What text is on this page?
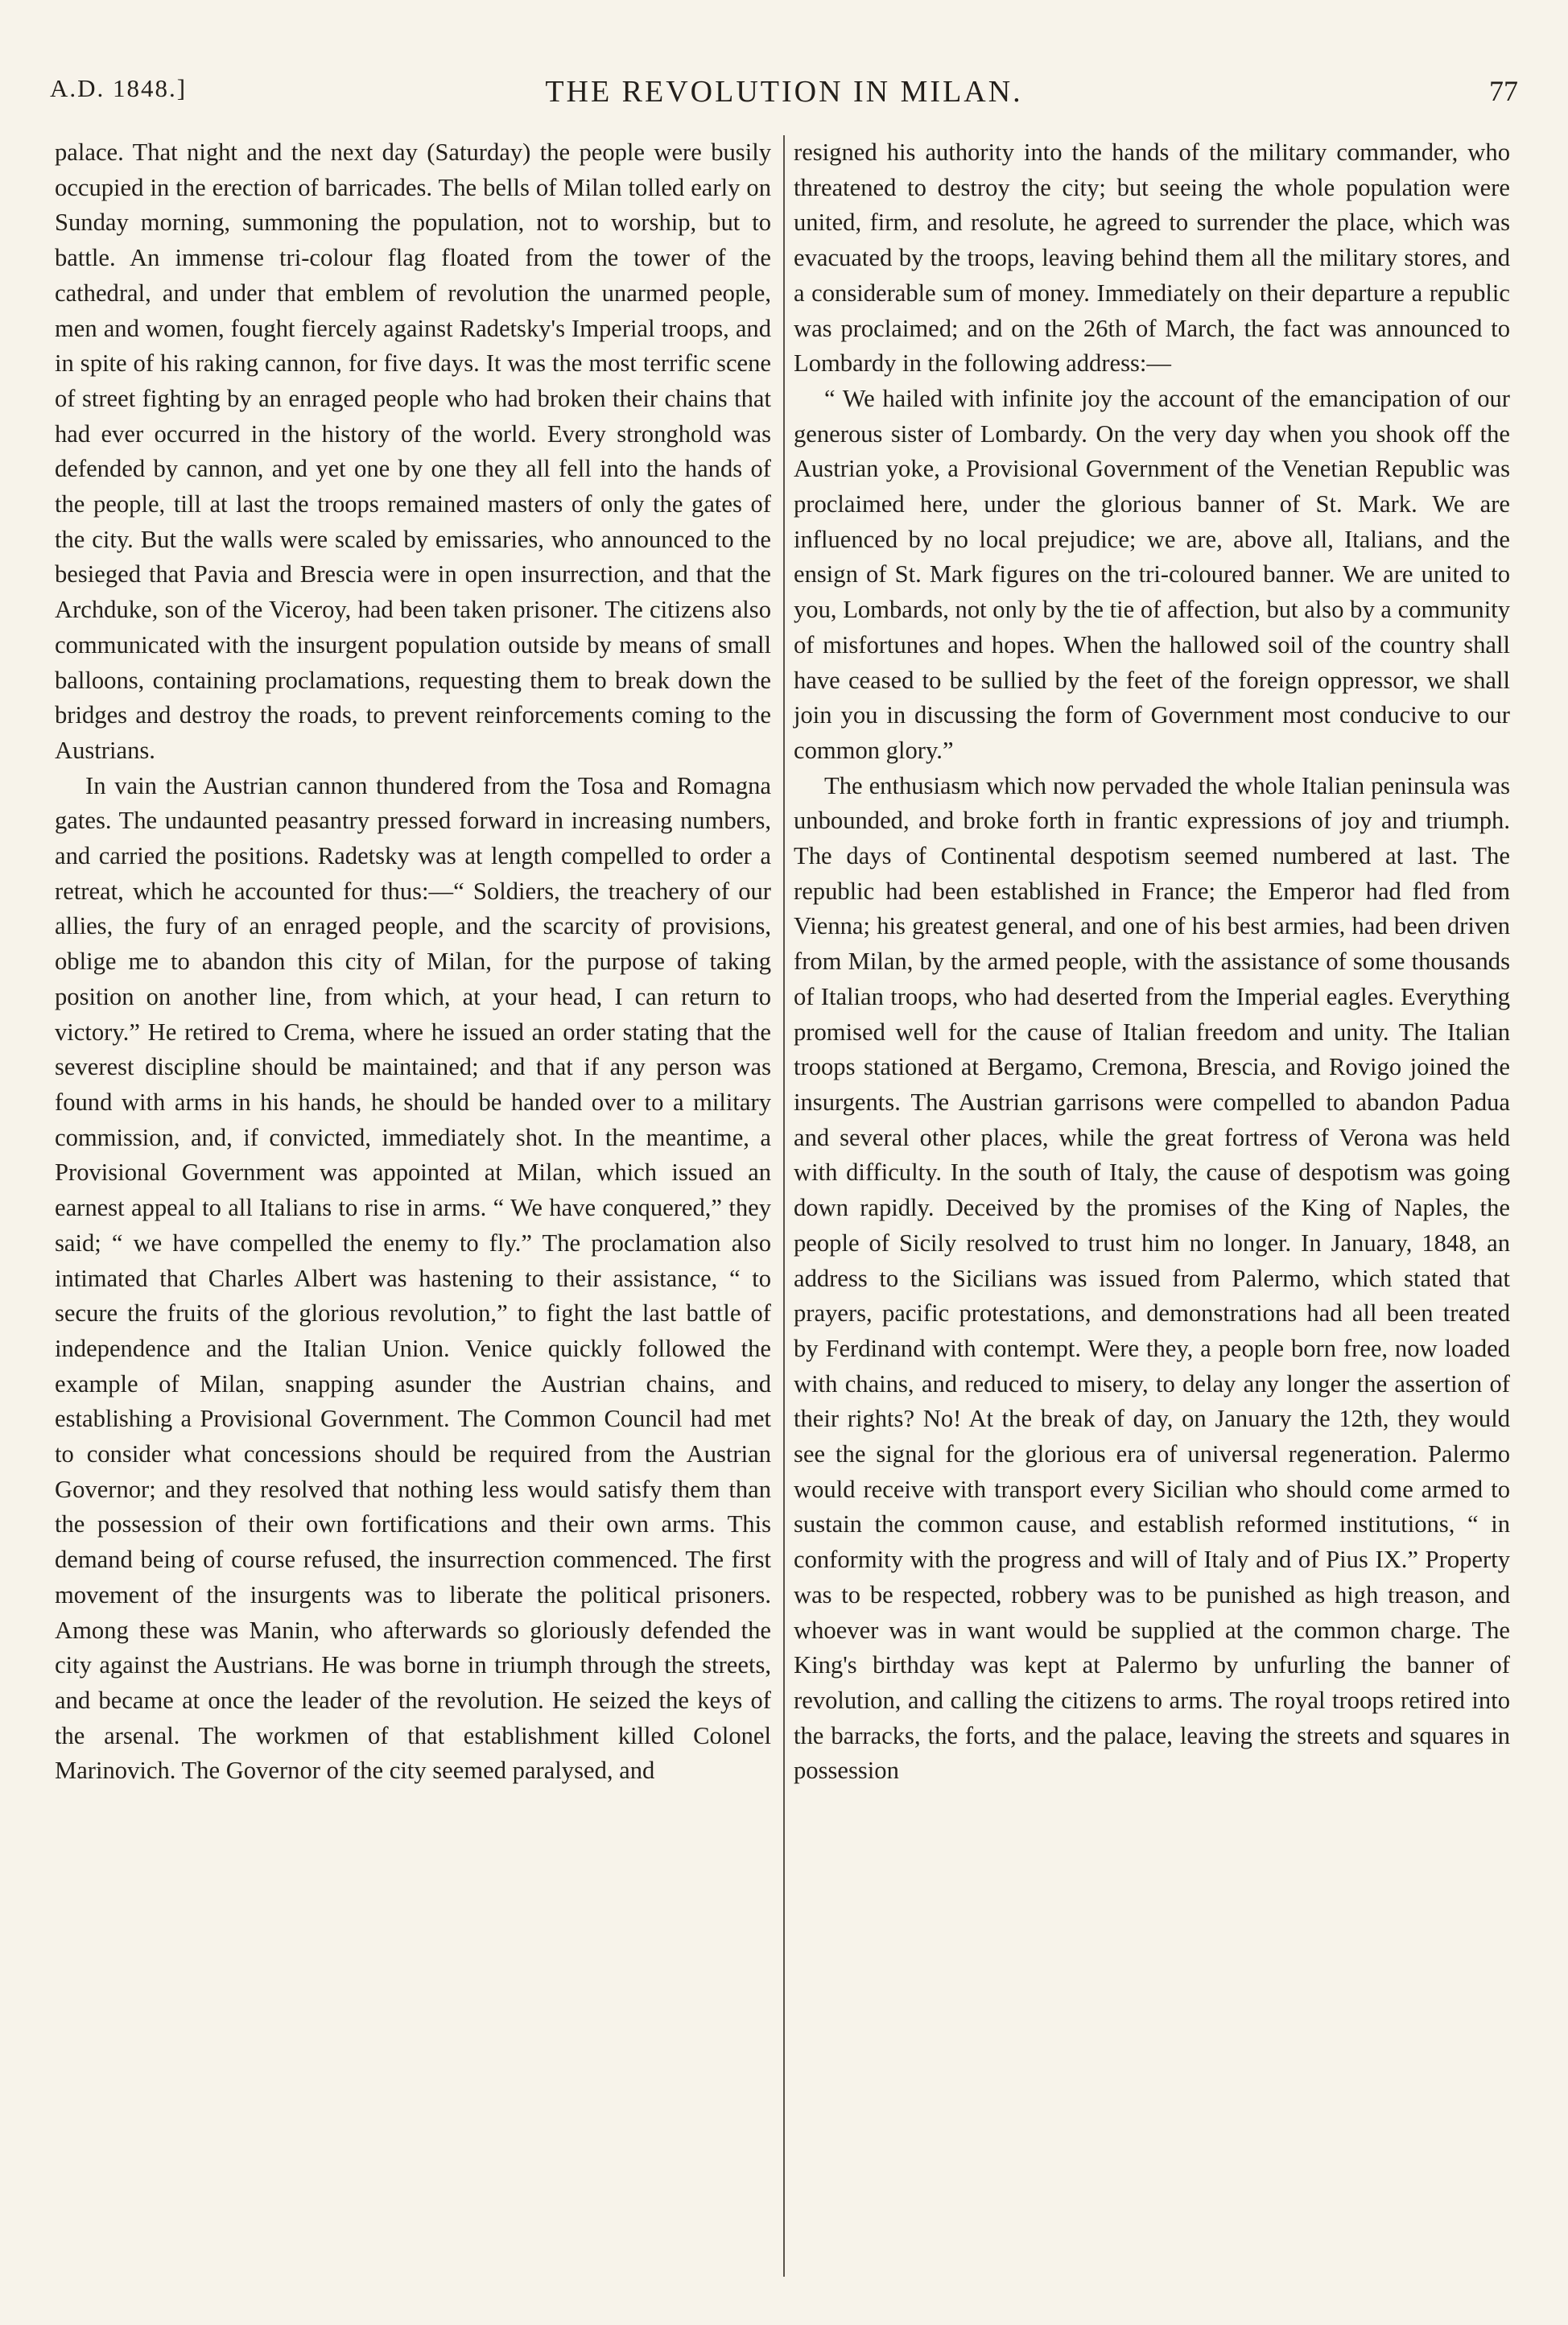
A.D. 1848.]	THE REVOLUTION IN MILAN.	77

palace. That night and the next day (Saturday) the people were busily occupied in the erection of barricades. The bells of Milan tolled early on Sunday morning, summoning the population, not to worship, but to battle. An immense tri-colour flag floated from the tower of the cathedral, and under that emblem of revolution the unarmed people, men and women, fought fiercely against Radetsky's Imperial troops, and in spite of his raking cannon, for five days. It was the most terrific scene of street fighting by an enraged people who had broken their chains that had ever occurred in the history of the world. Every stronghold was defended by cannon, and yet one by one they all fell into the hands of the people, till at last the troops remained masters of only the gates of the city. But the walls were scaled by emissaries, who announced to the besieged that Pavia and Brescia were in open insurrection, and that the Archduke, son of the Viceroy, had been taken prisoner. The citizens also communicated with the insurgent population outside by means of small balloons, containing proclamations, requesting them to break down the bridges and destroy the roads, to prevent reinforcements coming to the Austrians.

In vain the Austrian cannon thundered from the Tosa and Romagna gates. The undaunted peasantry pressed forward in increasing numbers, and carried the positions. Radetsky was at length compelled to order a retreat, which he accounted for thus:—“ Soldiers, the treachery of our allies, the fury of an enraged people, and the scarcity of provisions, oblige me to abandon this city of Milan, for the purpose of taking position on another line, from which, at your head, I can return to victory.” He retired to Crema, where he issued an order stating that the severest discipline should be maintained; and that if any person was found with arms in his hands, he should be handed over to a military commission, and, if convicted, immediately shot. In the meantime, a Provisional Government was appointed at Milan, which issued an earnest appeal to all Italians to rise in arms. “ We have conquered,” they said; “ we have compelled the enemy to fly.” The proclamation also intimated that Charles Albert was hastening to their assistance, “ to secure the fruits of the glorious revolution,” to fight the last battle of independence and the Italian Union. Venice quickly followed the example of Milan, snapping asunder the Austrian chains, and establishing a Provisional Government. The Common Council had met to consider what concessions should be required from the Austrian Governor; and they resolved that nothing less would satisfy them than the possession of their own fortifications and their own arms. This demand being of course refused, the insurrection commenced. The first movement of the insurgents was to liberate the political prisoners. Among these was Manin, who afterwards so gloriously defended the city against the Austrians. He was borne in triumph through the streets, and became at once the leader of the revolution. He seized the keys of the arsenal. The workmen of that establishment killed Colonel Marinovich. The Governor of the city seemed paralysed, and

resigned his authority into the hands of the military commander, who threatened to destroy the city; but seeing the whole population were united, firm, and resolute, he agreed to surrender the place, which was evacuated by the troops, leaving behind them all the military stores, and a considerable sum of money. Immediately on their departure a republic was proclaimed; and on the 26th of March, the fact was announced to Lombardy in the following address:—

“ We hailed with infinite joy the account of the emancipation of our generous sister of Lombardy. On the very day when you shook off the Austrian yoke, a Provisional Government of the Venetian Republic was proclaimed here, under the glorious banner of St. Mark. We are influenced by no local prejudice; we are, above all, Italians, and the ensign of St. Mark figures on the tri-coloured banner. We are united to you, Lombards, not only by the tie of affection, but also by a community of misfortunes and hopes. When the hallowed soil of the country shall have ceased to be sullied by the feet of the foreign oppressor, we shall join you in discussing the form of Government most conducive to our common glory.”

The enthusiasm which now pervaded the whole Italian peninsula was unbounded, and broke forth in frantic expressions of joy and triumph. The days of Continental despotism seemed numbered at last. The republic had been established in France; the Emperor had fled from Vienna; his greatest general, and one of his best armies, had been driven from Milan, by the armed people, with the assistance of some thousands of Italian troops, who had deserted from the Imperial eagles. Everything promised well for the cause of Italian freedom and unity. The Italian troops stationed at Bergamo, Cremona, Brescia, and Rovigo joined the insurgents. The Austrian garrisons were compelled to abandon Padua and several other places, while the great fortress of Verona was held with difficulty. In the south of Italy, the cause of despotism was going down rapidly. Deceived by the promises of the King of Naples, the people of Sicily resolved to trust him no longer. In January, 1848, an address to the Sicilians was issued from Palermo, which stated that prayers, pacific protestations, and demonstrations had all been treated by Ferdinand with contempt. Were they, a people born free, now loaded with chains, and reduced to misery, to delay any longer the assertion of their rights? No! At the break of day, on January the 12th, they would see the signal for the glorious era of universal regeneration. Palermo would receive with transport every Sicilian who should come armed to sustain the common cause, and establish reformed institutions, “ in conformity with the progress and will of Italy and of Pius IX.” Property was to be respected, robbery was to be punished as high treason, and whoever was in want would be supplied at the common charge. The King's birthday was kept at Palermo by unfurling the banner of revolution, and calling the citizens to arms. The royal troops retired into the barracks, the forts, and the palace, leaving the streets and squares in possession
